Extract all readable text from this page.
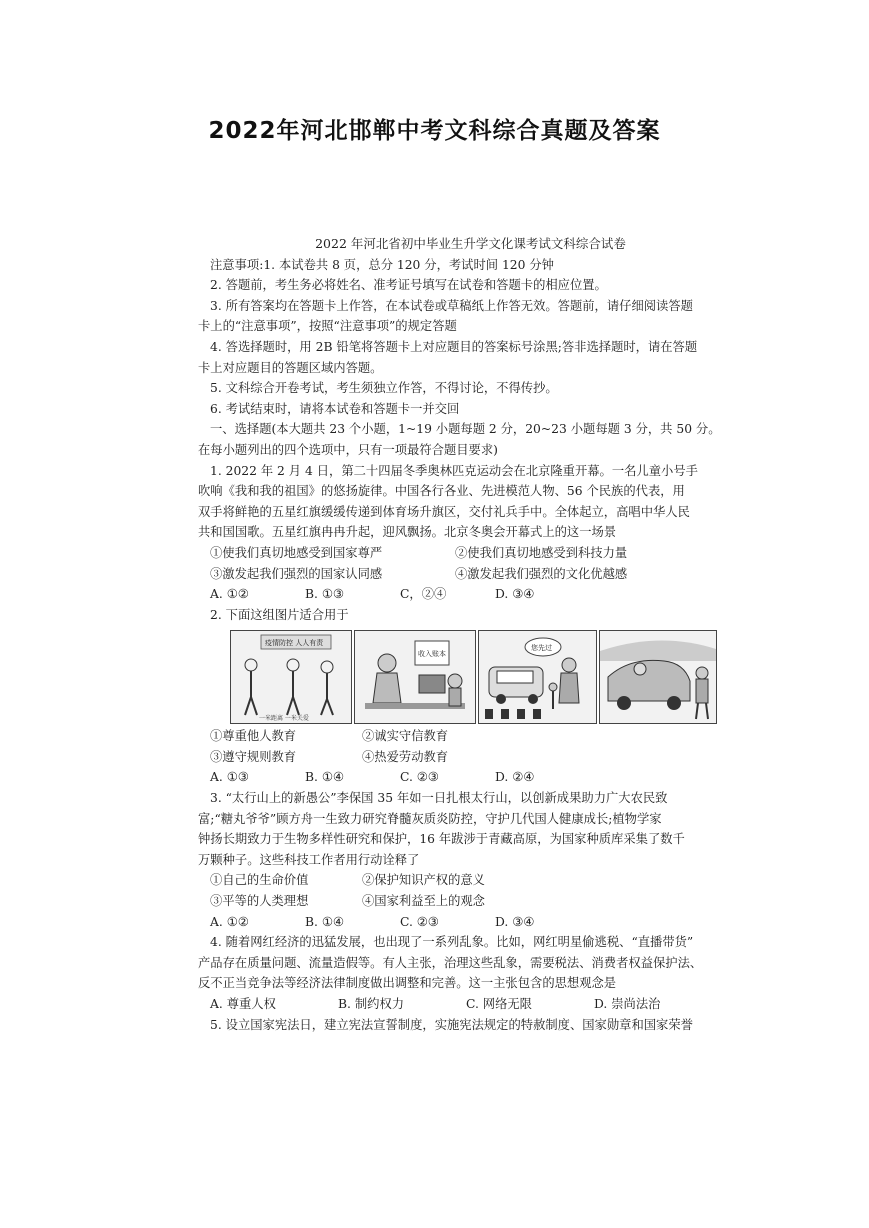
2022年河北邯郸中考文科综合真题及答案
2022 年河北省初中毕业生升学文化课考试文科综合试卷
注意事项:1. 本试卷共 8 页，总分 120 分，考试时间 120 分钟
2. 答题前，考生务必将姓名、准考证号填写在试卷和答题卡的相应位置。
3. 所有答案均在答题卡上作答，在本试卷或草稿纸上作答无效。答题前，请仔细阅读答题
卡上的“注意事项”，按照“注意事项”的规定答题
4. 答选择题时，用 2B 铅笔将答题卡上对应题目的答案标号涂黑;答非选择题时，请在答题
卡上对应题目的答题区域内答题。
5. 文科综合开卷考试，考生须独立作答，不得讨论，不得传抄。
6. 考试结束时，请将本试卷和答题卡一并交回
一、选择题(本大题共 23 个小题，1~19 小题每题 2 分，20~23 小题每题 3 分，共 50 分。
在每小题列出的四个选项中，只有一项最符合题目要求)
1. 2022 年 2 月 4 日，第二十四届冬季奥林匹克运动会在北京隆重开幕。一名儿童小号手
吹响《我和我的祖国》的悠扬旋律。中国各行各业、先进模范人物、56 个民族的代表，用
双手将鲜艳的五星红旗缓缓传递到体育场升旗区，交付礼兵手中。全体起立，高唱中华人民
共和国国歌。五星红旗冉冉升起，迎风飘扬。北京冬奥会开幕式上的这一场景
①使我们真切地感受到国家尊严	②使我们真切地感受到科技力量
③激发起我们强烈的国家认同感	④激发起我们强烈的文化优越感
A. ①②	B. ①③	C，②④	D. ③④
2. 下面这组图片适合用于
疫情防控 人人有责
一米距离 一米关爱
收入账本
您先过
①尊重他人教育	②诚实守信教育
③遵守规则教育	④热爱劳动教育
A. ①③	B. ①④	C. ②③	D. ②④
3. “太行山上的新愚公”李保国 35 年如一日扎根太行山，以创新成果助力广大农民致
富;“糖丸爷爷”顾方舟一生致力研究脊髓灰质炎防控，守护几代国人健康成长;植物学家
钟扬长期致力于生物多样性研究和保护，16 年跋涉于青藏高原，为国家种质库采集了数千
万颗种子。这些科技工作者用行动诠释了
①自己的生命价值	②保护知识产权的意义
③平等的人类理想	④国家利益至上的观念
A. ①②	B. ①④	C. ②③	D. ③④
4. 随着网红经济的迅猛发展，也出现了一系列乱象。比如，网红明星偷逃税、“直播带货”
产品存在质量问题、流量造假等。有人主张，治理这些乱象，需要税法、消费者权益保护法、
反不正当竞争法等经济法律制度做出调整和完善。这一主张包含的思想观念是
A. 尊重人权	B. 制约权力	C. 网络无限	D. 崇尚法治
5. 设立国家宪法日，建立宪法宣誓制度，实施宪法规定的特赦制度、国家勋章和国家荣誉
